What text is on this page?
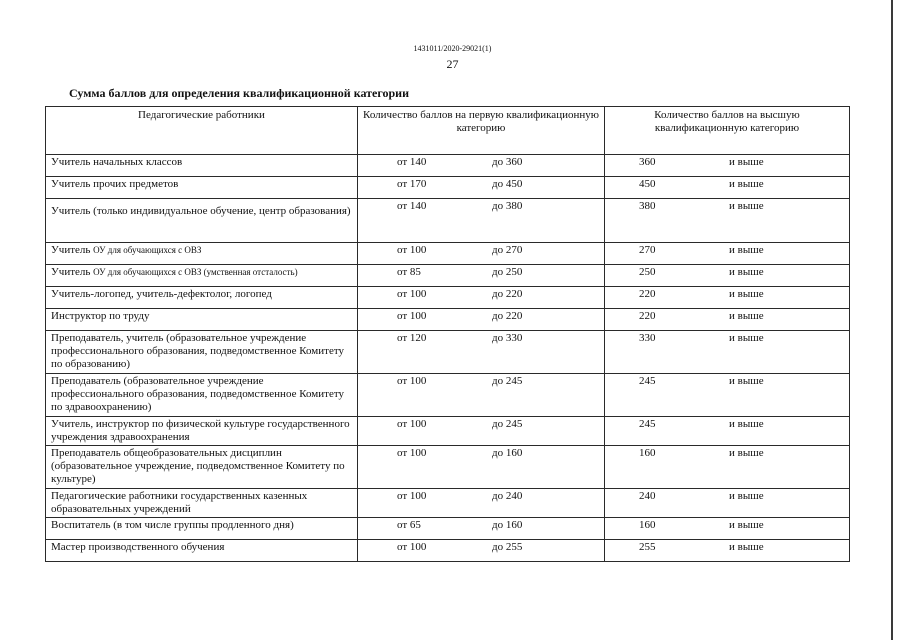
1431011/2020-29021(1)
27
Сумма баллов для определения квалификационной категории
Педагогические работники	Количество баллов на первую квалификационную категорию	Количество баллов на высшую квалификационную категорию
Учитель начальных классов	от 140 до 360	360 и выше

Учитель прочих предметов	от 170 до 450	450 и выше

Учитель (только индивидуальное обучение, центр образования)	от 140 до 380	380 и выше

Учитель ОУ для обучающихся с ОВЗ	от 100 до 270	270 и выше

Учитель ОУ для обучающихся с ОВЗ (умственная отсталость)	от 85 до 250	250 и выше

Учитель-логопед, учитель-дефектолог, логопед	от 100 до 220	220 и выше

Инструктор по труду	от 100 до 220	220 и выше

Преподаватель, учитель (образовательное учреждение профессионального образования, подведомственное Комитету по образованию)	от 120 до 330	330 и выше

Преподаватель (образовательное учреждение профессионального образования, подведомственное Комитету по здравоохранению)	от 100 до 245	245 и выше

Учитель, инструктор по физической культуре государственного учреждения здравоохранения	от 100 до 245	245 и выше

Преподаватель общеобразовательных дисциплин (образовательное учреждение, подведомственное Комитету по культуре)	от 100 до 160	160 и выше

Педагогические работники государственных казенных образовательных учреждений	от 100 до 240	240 и выше

Воспитатель (в том числе группы продленного дня)	от 65 до 160	160 и выше

Мастер производственного обучения	от 100 до 255	255 и выше
